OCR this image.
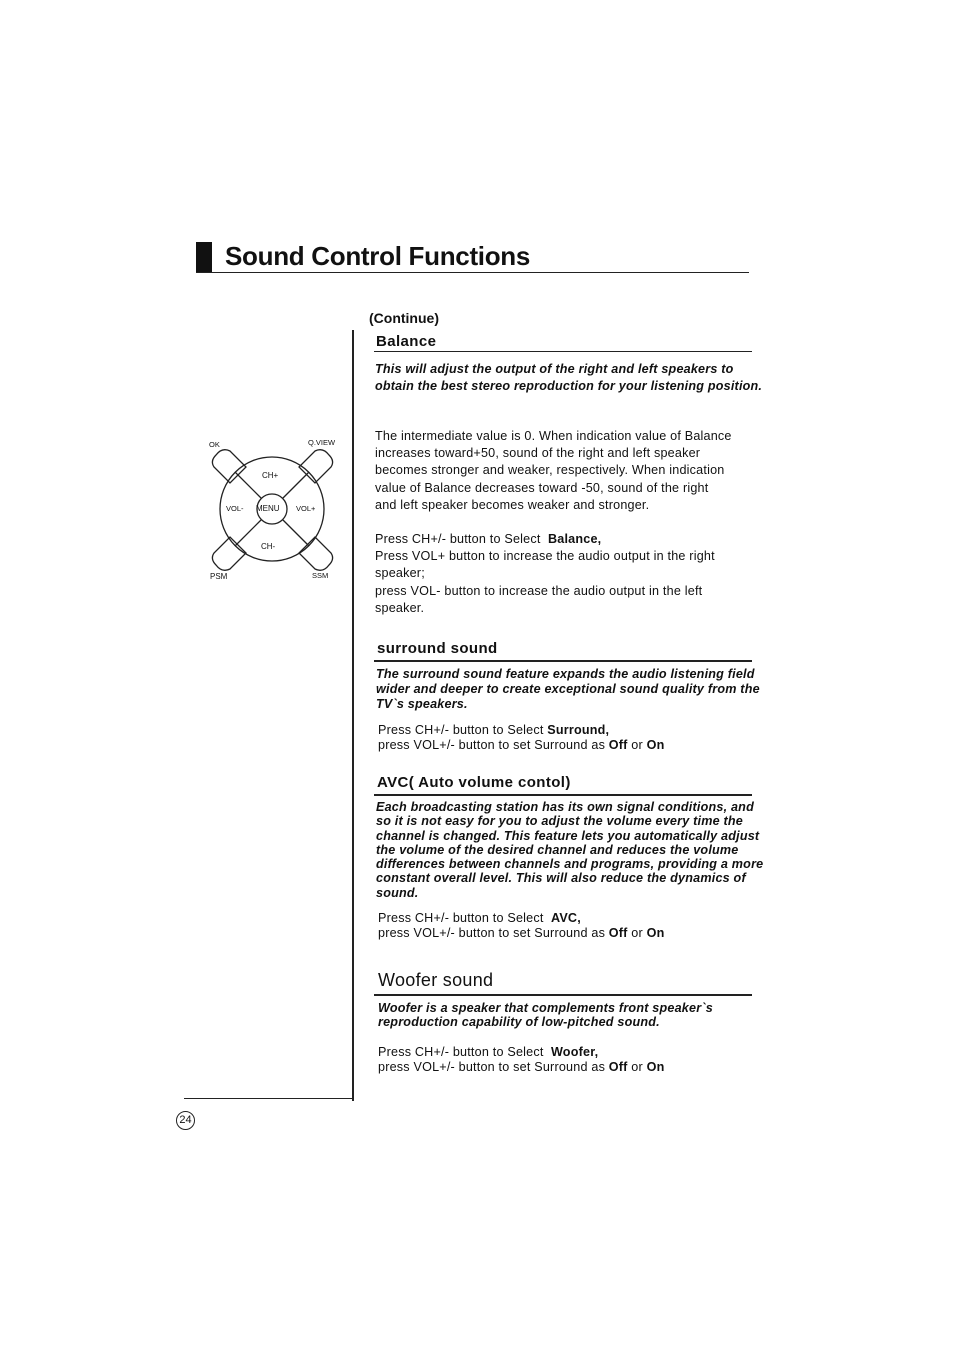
Sound Control Functions
OK	Q.VIEW
PSM	SSM
CH+
CH-
VOL-	VOL+
MENU
(Continue)
Balance
This will adjust the output of the right and left speakers to obtain the best stereo reproduction for your listening position.

The intermediate value is 0. When indication value of Balance

increases toward+50, sound of the right and left speaker

becomes stronger and weaker, respectively. When indication

value of Balance decreases toward -50, sound of the right

and left speaker becomes weaker and stronger.

Press CH+/- button to Select Balance,

Press VOL+ button to increase the audio output in the right

speaker;

press VOL- button to increase the audio output in the left

speaker.

surround sound
The surround sound feature expands the audio listening field wider and deeper to create exceptional sound quality from the TV`s speakers.

Press CH+/- button to Select Surround,

press VOL+/- button to set Surround as Off or On

AVC( Auto volume contol)
Each broadcasting station has its own signal conditions, and so it is not easy for you to adjust the volume every time the channel is changed. This feature lets you automatically adjust the volume of the desired channel and reduces the volume differences between channels and programs, providing a more constant overall level. This will also reduce the dynamics of sound.

Press CH+/- button to Select AVC,

press VOL+/- button to set Surround as Off or On

Woofer sound
Woofer is a speaker that complements front speaker`s reproduction capability of low-pitched sound.

Press CH+/- button to Select Woofer,

press VOL+/- button to set Surround as Off or On

24
